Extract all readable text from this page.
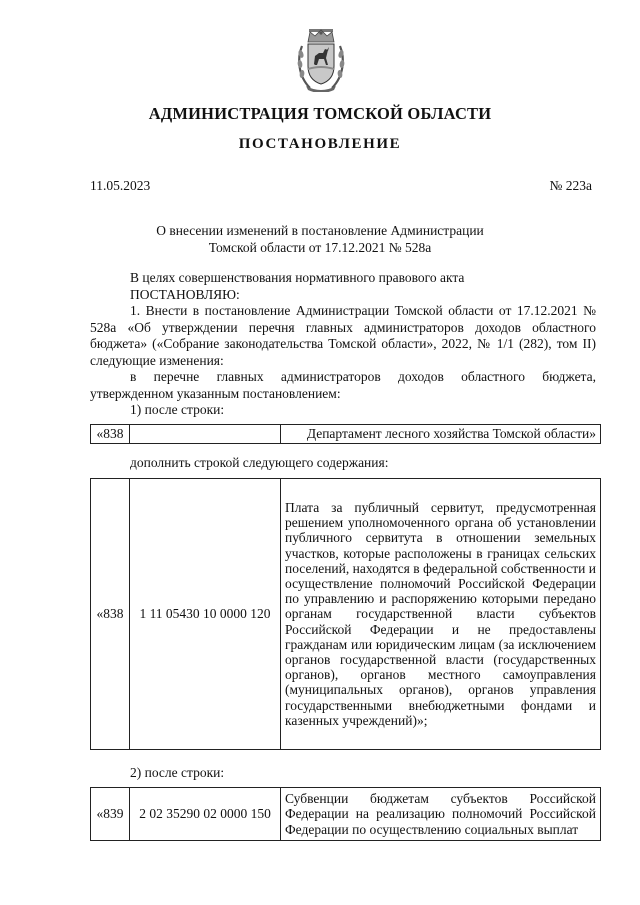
АДМИНИСТРАЦИЯ ТОМСКОЙ ОБЛАСТИ
ПОСТАНОВЛЕНИЕ
11.05.2023	№ 223а
О внесении изменений в постановление Администрации
Томской области от 17.12.2021 № 528а

В целях совершенствования нормативного правового акта

ПОСТАНОВЛЯЮ:

1. Внести в постановление Администрации Томской области от 17.12.2021 № 528а «Об утверждении перечня главных администраторов доходов областного бюджета» («Собрание законодательства Томской области», 2022, № 1/1 (282), том II) следующие изменения:

в перечне главных администраторов доходов областного бюджета, утвержденном указанным постановлением:

1) после строки:

«838		Департамент лесного хозяйства Томской области»

дополнить строкой следующего содержания:

«838	1 11 05430 10 0000 120	Плата за публичный сервитут, предусмотренная решением уполномоченного органа об установлении публичного сервитута в отношении земельных участков, которые расположены в границах сельских поселений, находятся в федеральной собственности и осуществление полномочий Российской Федерации по управлению и распоряжению которыми передано органам государственной власти субъектов Российской Федерации и не предоставлены гражданам или юридическим лицам (за исключением органов государственной власти (государственных органов), органов местного самоуправления (муниципальных органов), органов управления государственными внебюджетными фондами и казенных учреждений)»;

2) после строки:

«839	2 02 35290 02 0000 150	Субвенции бюджетам субъектов Российской Федерации на реализацию полномочий Российской Федерации по осуществлению социальных выплат
